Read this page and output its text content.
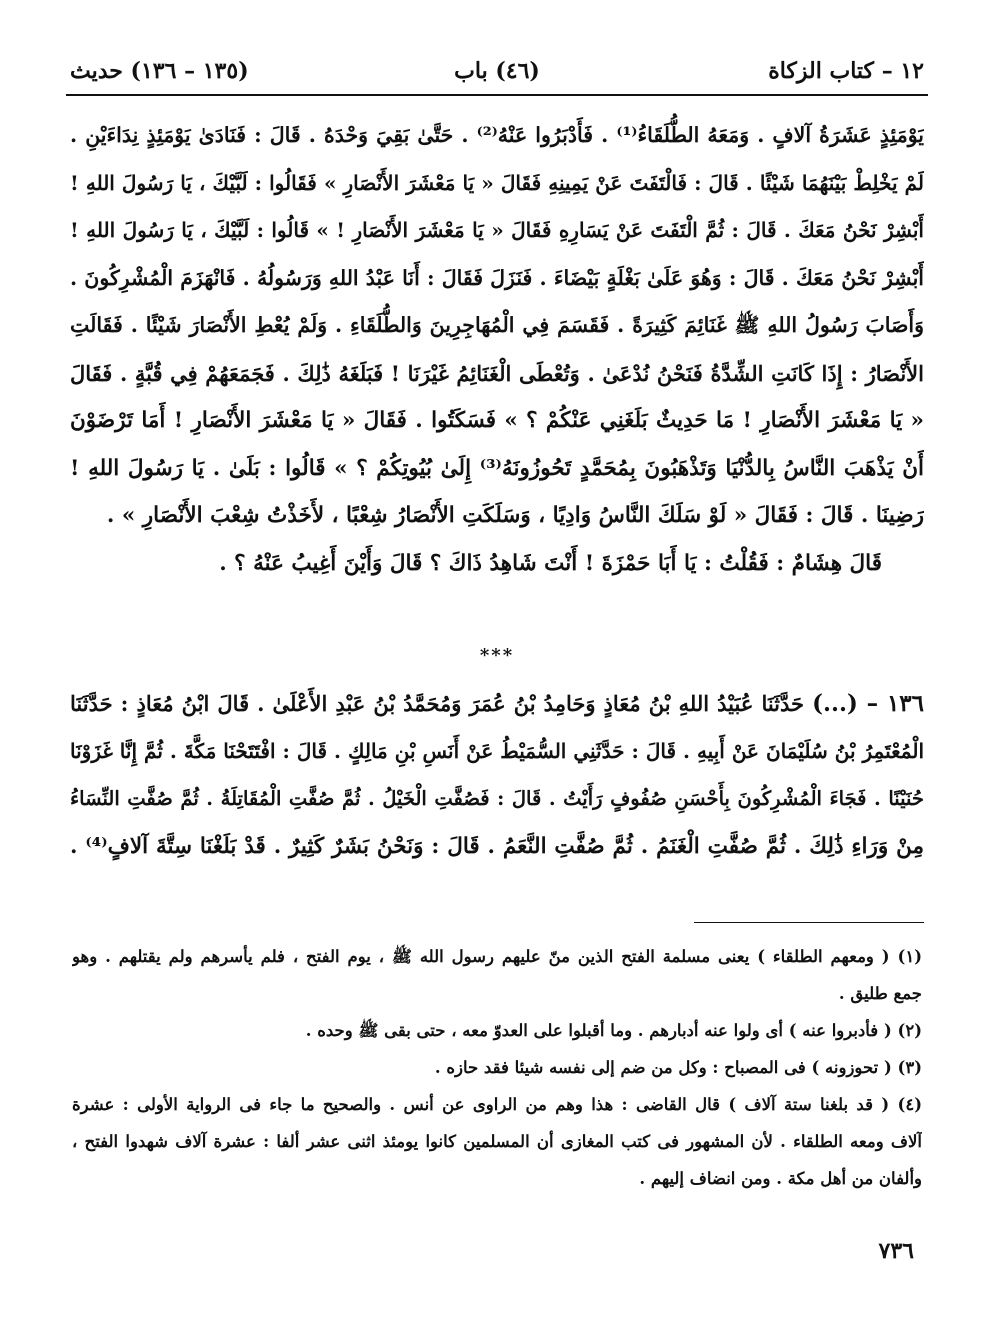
١٢ – كتاب الزكاة
(٤٦) باب
(١٣٥ – ١٣٦) حديث
يَوْمَئِذٍ عَشَرَةُ آلافٍ . وَمَعَهُ الطُّلَقَاءُ⁽¹⁾ . فَأَدْبَرُوا عَنْهُ⁽²⁾ . حَتَّىٰ بَقِيَ وَحْدَهُ . قَالَ : فَنَادَىٰ يَوْمَئِذٍ نِدَاءَيْنِ .
لَمْ يَخْلِطْ بَيْنَهُمَا شَيْئًا . قَالَ : فَالْتَفَتَ عَنْ يَمِينِهِ فَقَالَ « يَا مَعْشَرَ الأَنْصَارِ » فَقَالُوا : لَبَّيْكَ ، يَا رَسُولَ اللهِ !
أَبْشِرْ نَحْنُ مَعَكَ . قَالَ : ثُمَّ الْتَفَتَ عَنْ يَسَارِهِ فَقَالَ « يَا مَعْشَرَ الأَنْصَارِ ! » قَالُوا : لَبَّيْكَ ، يَا رَسُولَ اللهِ !
أَبْشِرْ نَحْنُ مَعَكَ . قَالَ : وَهُوَ عَلَىٰ بَغْلَةٍ بَيْضَاءَ . فَنَزَلَ فَقَالَ : أَنَا عَبْدُ اللهِ وَرَسُولُهُ . فَانْهَزَمَ الْمُشْرِكُونَ .
وَأَصَابَ رَسُولُ اللهِ ﷺ غَنَائِمَ كَثِيرَةً . فَقَسَمَ فِي الْمُهَاجِرِينَ وَالطُّلَقَاءِ . وَلَمْ يُعْطِ الأَنْصَارَ شَيْئًا . فَقَالَتِ
الأَنْصَارُ : إِذَا كَانَتِ الشِّدَّةُ فَنَحْنُ نُدْعَىٰ . وَتُعْطَى الْغَنَائِمُ غَيْرَنَا ! فَبَلَغَهُ ذَٰلِكَ . فَجَمَعَهُمْ فِي قُبَّةٍ . فَقَالَ
« يَا مَعْشَرَ الأَنْصَارِ ! مَا حَدِيثٌ بَلَغَنِي عَنْكُمْ ؟ » فَسَكَتُوا . فَقَالَ « يَا مَعْشَرَ الأَنْصَارِ ! أَمَا تَرْضَوْنَ
أَنْ يَذْهَبَ النَّاسُ بِالدُّنْيَا وَتَذْهَبُونَ بِمُحَمَّدٍ تَحُوزُونَهُ⁽³⁾ إِلَىٰ بُيُوتِكُمْ ؟ » قَالُوا : بَلَىٰ . يَا رَسُولَ اللهِ !
رَضِينَا . قَالَ : فَقَالَ « لَوْ سَلَكَ النَّاسُ وَادِيًا ، وَسَلَكَتِ الأَنْصَارُ شِعْبًا ، لأَخَذْتُ شِعْبَ الأَنْصَارِ » .
قَالَ هِشَامٌ : فَقُلْتُ : يَا أَبَا حَمْزَةَ ! أَنْتَ شَاهِدُ ذَاكَ ؟ قَالَ وَأَيْنَ أَغِيبُ عَنْهُ ؟ .
***
١٣٦ – (...) حَدَّثَنَا عُبَيْدُ اللهِ بْنُ مُعَاذٍ وَحَامِدُ بْنُ عُمَرَ وَمُحَمَّدُ بْنُ عَبْدِ الأَعْلَىٰ . قَالَ ابْنُ مُعَاذٍ : حَدَّثَنَا
الْمُعْتَمِرُ بْنُ سُلَيْمَانَ عَنْ أَبِيهِ . قَالَ : حَدَّثَنِي السُّمَيْطُ عَنْ أَنَسِ بْنِ مَالِكٍ . قَالَ : افْتَتَحْنَا مَكَّةَ . ثُمَّ إِنَّا غَزَوْنَا
حُنَيْنًا . فَجَاءَ الْمُشْرِكُونَ بِأَحْسَنِ صُفُوفٍ رَأَيْتُ . قَالَ : فَصُفَّتِ الْخَيْلُ . ثُمَّ صُفَّتِ الْمُقَاتِلَةُ . ثُمَّ صُفَّتِ النِّسَاءُ
مِنْ وَرَاءِ ذَٰلِكَ . ثُمَّ صُفَّتِ الْغَنَمُ . ثُمَّ صُفَّتِ النَّعَمُ . قَالَ : وَنَحْنُ بَشَرٌ كَثِيرٌ . قَدْ بَلَغْنَا سِتَّةَ آلافٍ⁽⁴⁾ .
(١) ( ومعهم الطلقاء ) يعنى مسلمة الفتح الذين منّ عليهم رسول الله ﷺ ، يوم الفتح ، فلم يأسرهم ولم يقتلهم . وهو
جمع طليق .
(٢) ( فأدبروا عنه ) أى ولوا عنه أدبارهم . وما أقبلوا على العدوّ معه ، حتى بقى ﷺ وحده .
(٣) ( تحوزونه ) فى المصباح : وكل من ضم إلى نفسه شيئا فقد حازه .
(٤) ( قد بلغنا ستة آلاف ) قال القاضى : هذا وهم من الراوى عن أنس . والصحيح ما جاء فى الرواية الأولى : عشرة
آلاف ومعه الطلقاء . لأن المشهور فى كتب المغازى أن المسلمين كانوا يومئذ اثنى عشر ألفا : عشرة آلاف شهدوا الفتح ،
وألفان من أهل مكة . ومن انضاف إليهم .
٧٣٦
